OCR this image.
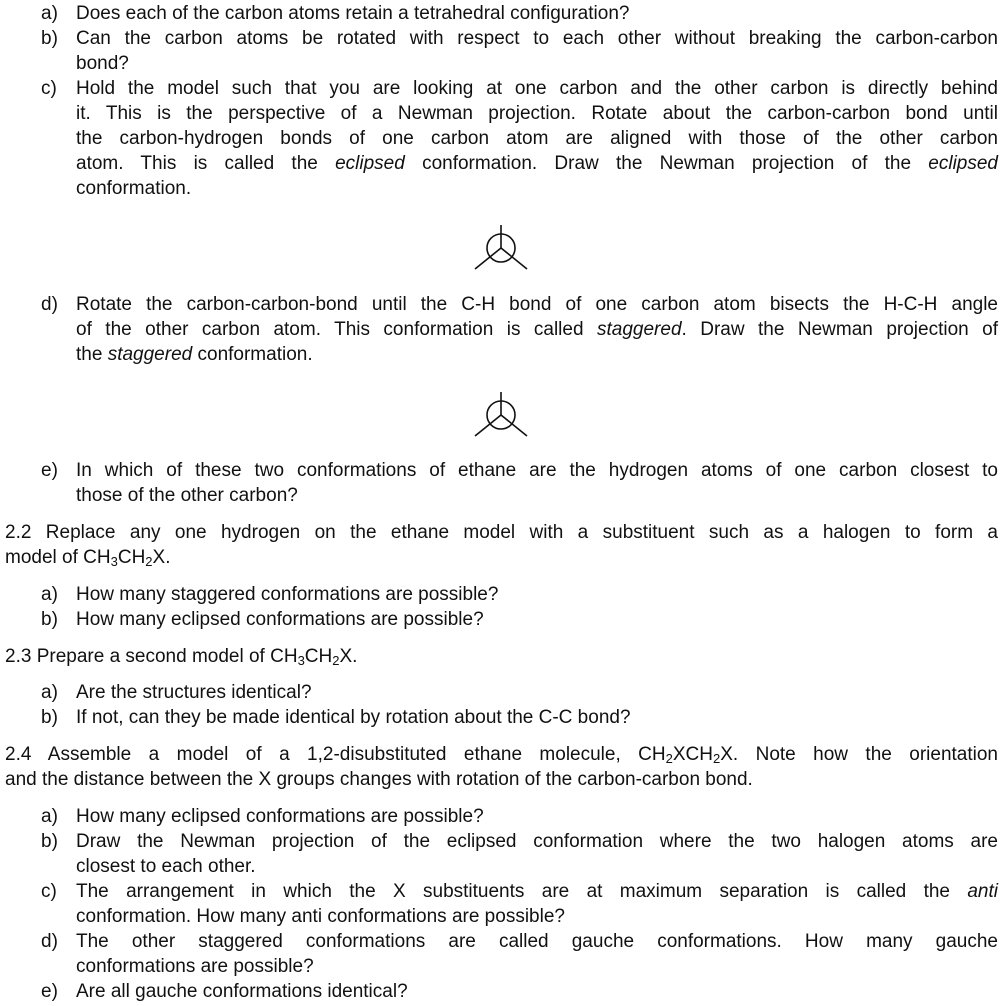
a) Does each of the carbon atoms retain a tetrahedral configuration?
b) Can the carbon atoms be rotated with respect to each other without breaking the carbon-carbon
bond?
c) Hold the model such that you are looking at one carbon and the other carbon is directly behind
it. This is the perspective of a Newman projection. Rotate about the carbon-carbon bond until
the carbon-hydrogen bonds of one carbon atom are aligned with those of the other carbon
atom. This is called the eclipsed conformation. Draw the Newman projection of the eclipsed
conformation.
d) Rotate the carbon-carbon-bond until the C-H bond of one carbon atom bisects the H-C-H angle
of the other carbon atom. This conformation is called staggered. Draw the Newman projection of
the staggered conformation.
e) In which of these two conformations of ethane are the hydrogen atoms of one carbon closest to
those of the other carbon?
2.2 Replace any one hydrogen on the ethane model with a substituent such as a halogen to form a
model of $CH_3CH_2X$.
a) How many staggered conformations are possible?
b) How many eclipsed conformations are possible?
2.3 Prepare a second model of $CH_3CH_2X$.
a) Are the structures identical?
b) If not, can they be made identical by rotation about the C-C bond?
2.4 Assemble a model of a 1,2-disubstituted ethane molecule, $CH_2XCH_2X$. Note how the orientation
and the distance between the X groups changes with rotation of the carbon-carbon bond.
a) How many eclipsed conformations are possible?
b) Draw the Newman projection of the eclipsed conformation where the two halogen atoms are
closest to each other.
c) The arrangement in which the X substituents are at maximum separation is called the anti
conformation. How many anti conformations are possible?
d) The other staggered conformations are called gauche conformations. How many gauche
conformations are possible?
e) Are all gauche conformations identical?
